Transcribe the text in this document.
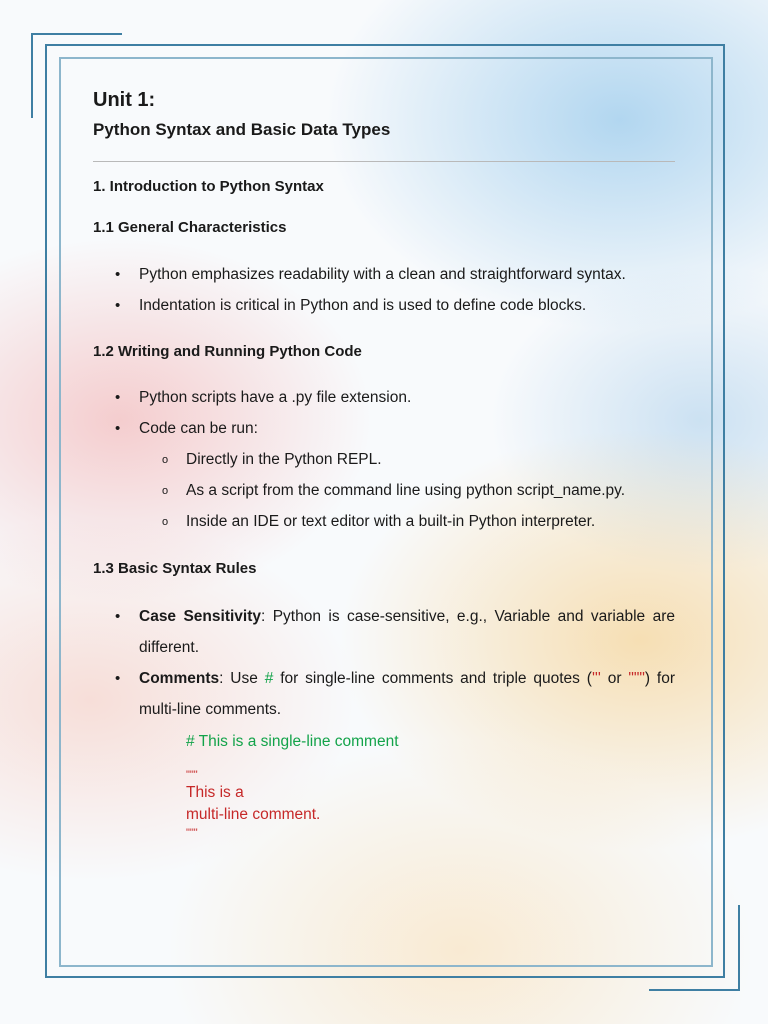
Unit 1:
Python Syntax and Basic Data Types
1. Introduction to Python Syntax
1.1 General Characteristics
• Python emphasizes readability with a clean and straightforward syntax.
• Indentation is critical in Python and is used to define code blocks.
1.2 Writing and Running Python Code
• Python scripts have a .py file extension.
• Code can be run:
o Directly in the Python REPL.
o As a script from the command line using python script_name.py.
o Inside an IDE or text editor with a built-in Python interpreter.
1.3 Basic Syntax Rules
• Case Sensitivity: Python is case-sensitive, e.g., Variable and variable are different.
• Comments: Use # for single-line comments and triple quotes (''' or """) for multi-line comments.
# This is a single-line comment
"""
This is a
multi-line comment.
"""
